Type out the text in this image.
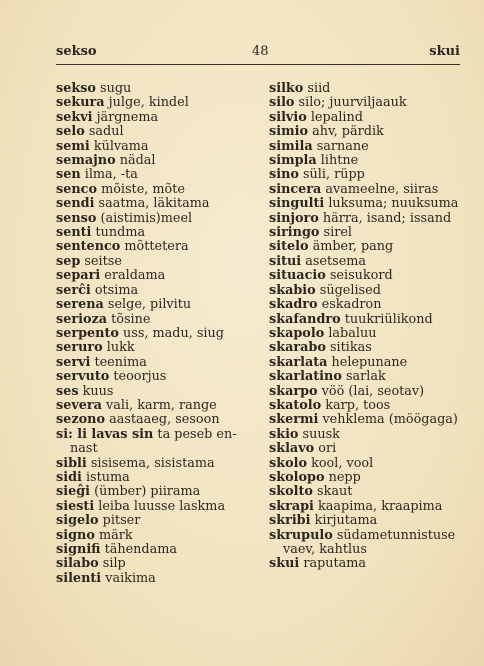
sekso	48	skui
sekso sugu
sekura julge, kindel
sekvi järgnema
selo sadul
semi külvama
semajno nädal
sen ilma, -ta
senco mõiste, mõte
sendi saatma, läkitama
senso (aistimis)meel
senti tundma
sentenco mõttetera
sep seitse
separi eraldama
serĉi otsima
serena selge, pilvitu
serioza tõsine
serpento uss, madu, siug
seruro lukk
servi teenima
servuto teoorjus
ses kuus
severa vali, karm, range
sezono aastaaeg, sesoon
si: li lavas sin ta peseb en-
nast
sibli sisisema, sisistama
sidi istuma
sieĝi (ümber) piirama
siesti leiba luusse laskma
sigelo pitser
signo märk
signifi tähendama
silabo silp
silenti vaikima
silko siid
silo silo; juurviljaauk
silvio lepalind
simio ahv, pärdik
simila sarnane
simpla lihtne
sino süli, rüpp
sincera avameelne, siiras
singulti luksuma; nuuksuma
sinjoro härra, isand; issand
siringo sirel
sitelo ämber, pang
situi asetsema
situacio seisukord
skabio sügelised
skadro eskadron
skafandro tuukriülikond
skapolo labaluu
skarabo sitikas
skarlata helepunane
skarlatino sarlak
skarpo vöö (lai, seotav)
skatolo karp, toos
skermi vehklema (möögaga)
skio suusk
sklavo ori
skolo kool, vool
skolopo nepp
skolto skaut
skrapi kaapima, kraapima
skribi kirjutama
skrupulo südametunnistuse
vaev, kahtlus
skui raputama
